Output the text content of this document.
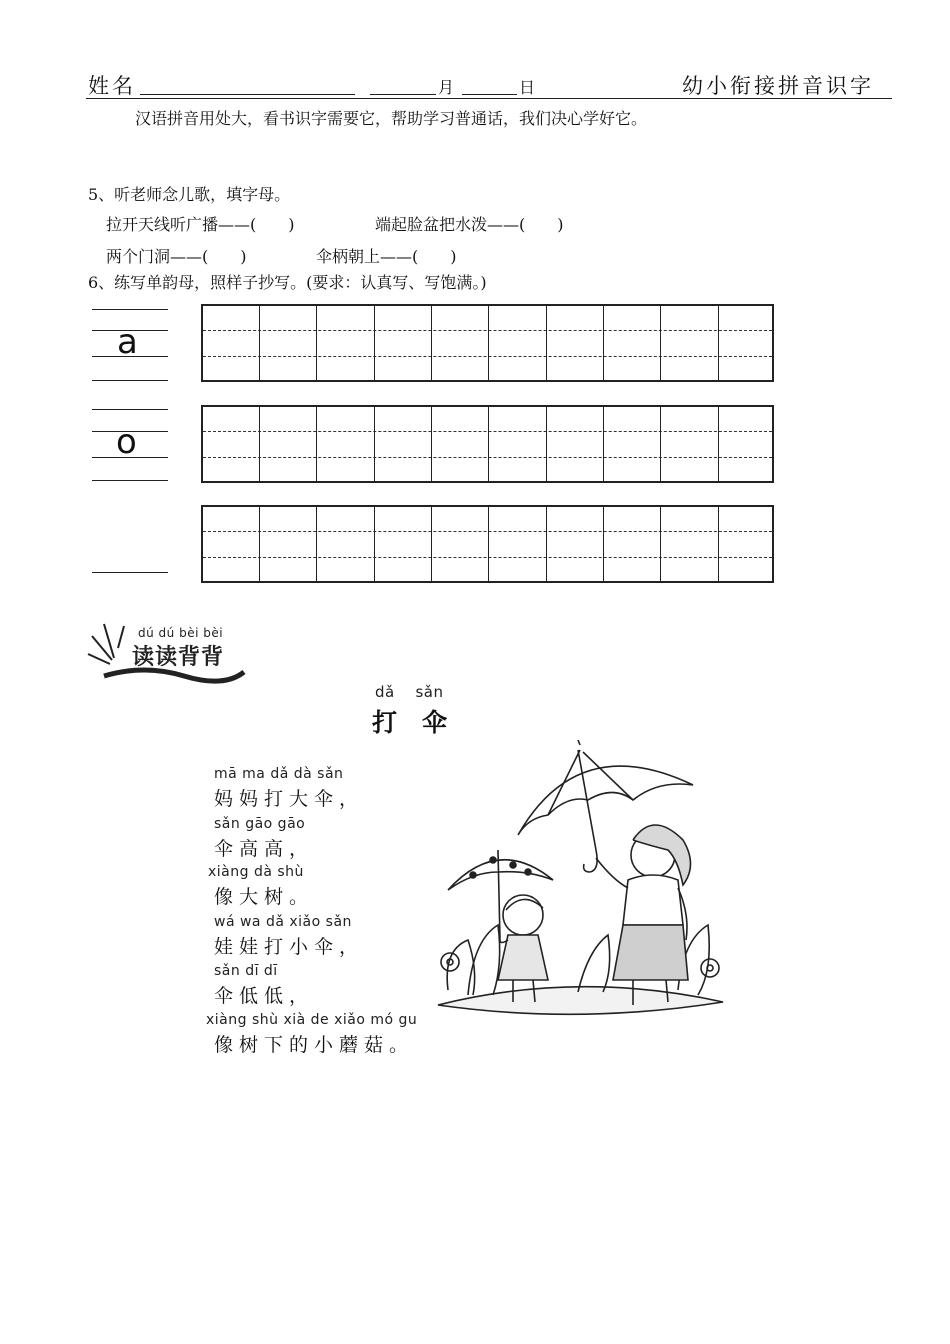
姓名	月	日	幼小衔接拼音识字
汉语拼音用处大，看书识字需要它，帮助学习普通话，我们决心学好它。
5、听老师念儿歌，填字母。
拉开天线听广播——(　　)	端起脸盆把水泼——(　　)
两个门洞——(　　)	伞柄朝上——(　　)
6、练写单韵母，照样子抄写。(要求：认真写、写饱满。)
a
o
dú dú bèi bèi
读读背背
dǎ　 sǎn
打　伞
mā ma dǎ dà sǎn
妈妈打大伞，
sǎn gāo gāo
伞高高，
xiàng dà shù
像大树。
wá wa dǎ xiǎo sǎn
娃娃打小伞，
sǎn dī dī
伞低低，
xiàng shù xià de xiǎo mó gu
像树下的小蘑菇。
